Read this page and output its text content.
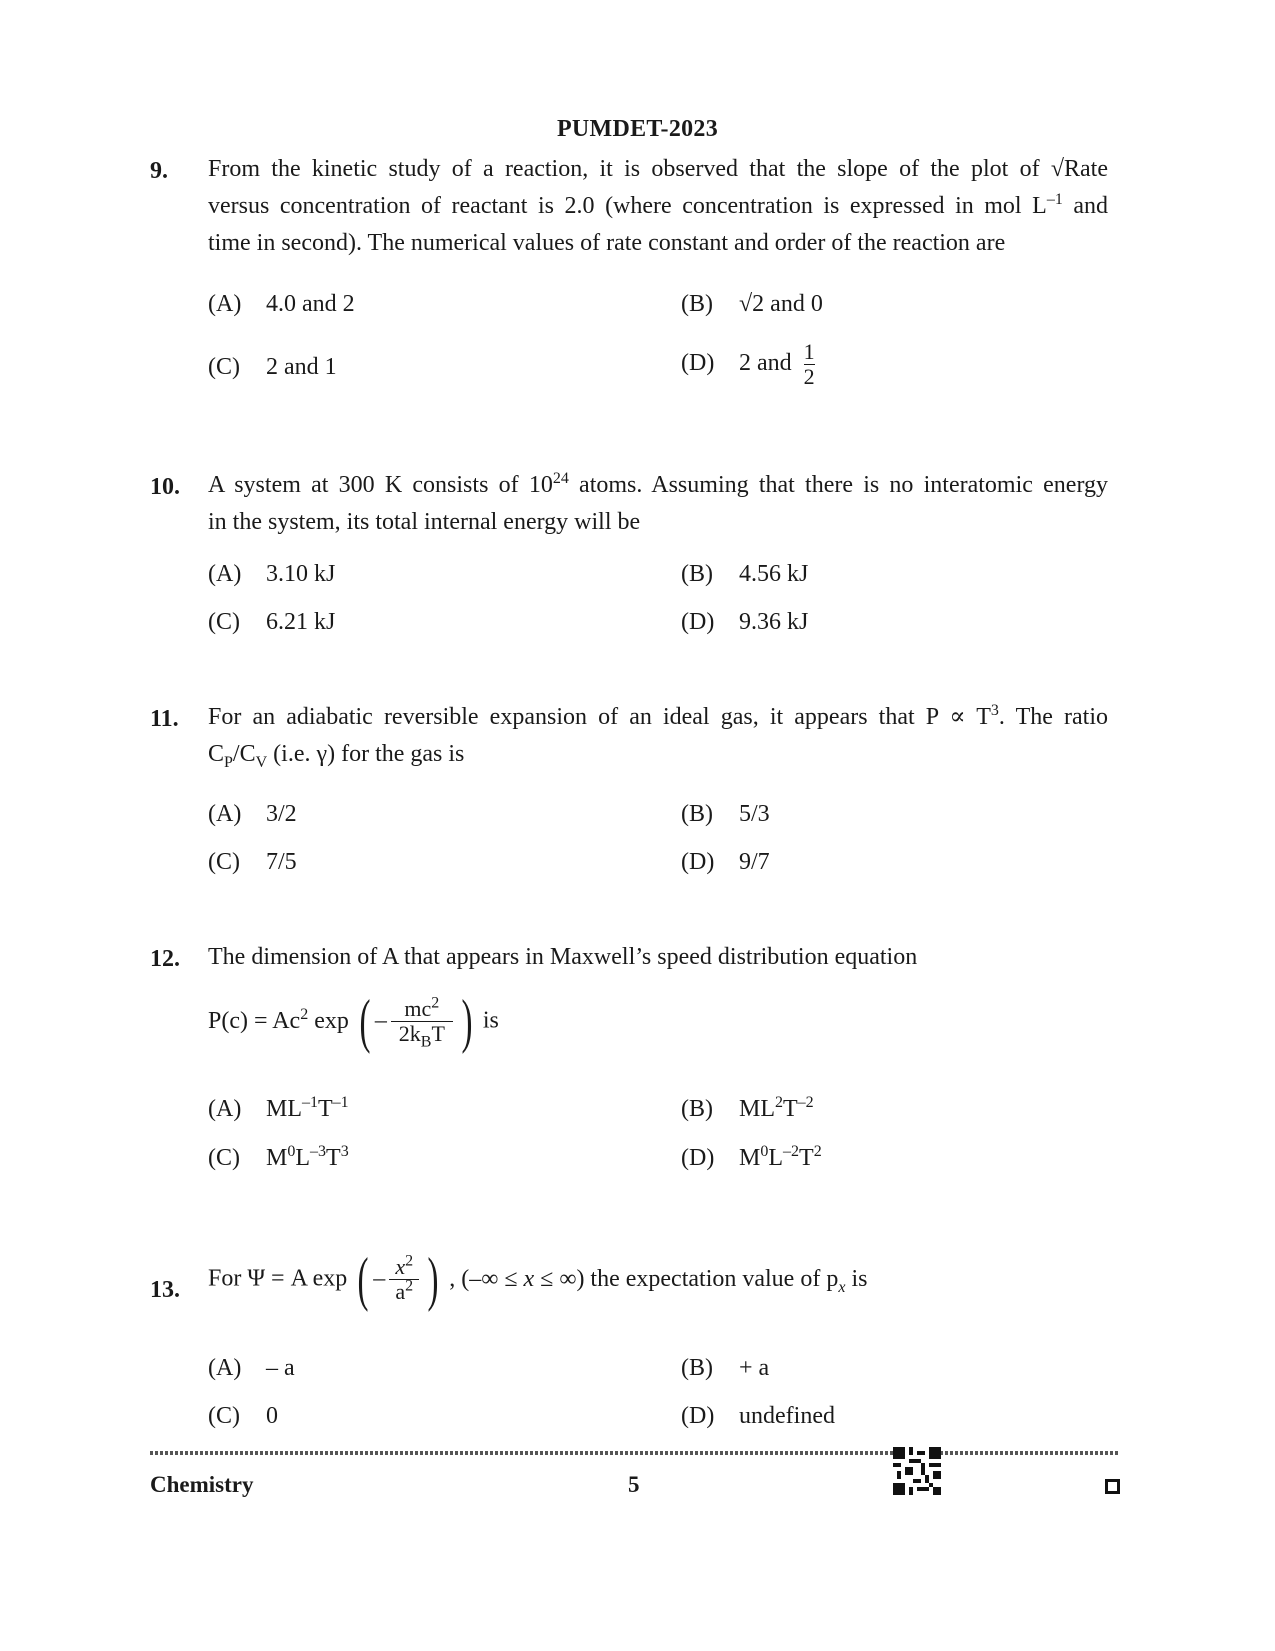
PUMDET-2023
9. From the kinetic study of a reaction, it is observed that the slope of the plot of √Rate
versus concentration of reactant is 2.0 (where concentration is expressed in mol $L^{-1}$ and
time in second). The numerical values of rate constant and order of the reaction are
(A) 4.0 and 2	(B) √2 and 0
(C) 2 and 1	(D) 2 and $\frac{1}{2}$
10. A system at 300 K consists of $10^{24}$ atoms. Assuming that there is no interatomic energy
in the system, its total internal energy will be
(A) 3.10 kJ	(B) 4.56 kJ
(C) 6.21 kJ	(D) 9.36 kJ
11. For an adiabatic reversible expansion of an ideal gas, it appears that $P \propto T^3$. The ratio
$C_P/C_V$ (i.e. γ) for the gas is
(A) 3/2	(B) 5/3
(C) 7/5	(D) 9/7
12. The dimension of A that appears in Maxwell’s speed distribution equation
$P(c) = Ac^2$ exp ( – $\frac{mc^2}{2k_BT}$ ) is
(A) $ML^{-1}T^{-1}$	(B) $ML^2T^{-2}$
(C) $M^0L^{-3}T^3$	(D) $M^0L^{-2}T^2$
13. For Ψ = A exp ( – $\frac{x^2}{a^2}$ ) , (–∞ ≤ x ≤ ∞) the expectation value of $p_x$ is
(A) – a	(B) + a
(C) 0	(D) undefined
Chemistry	5
